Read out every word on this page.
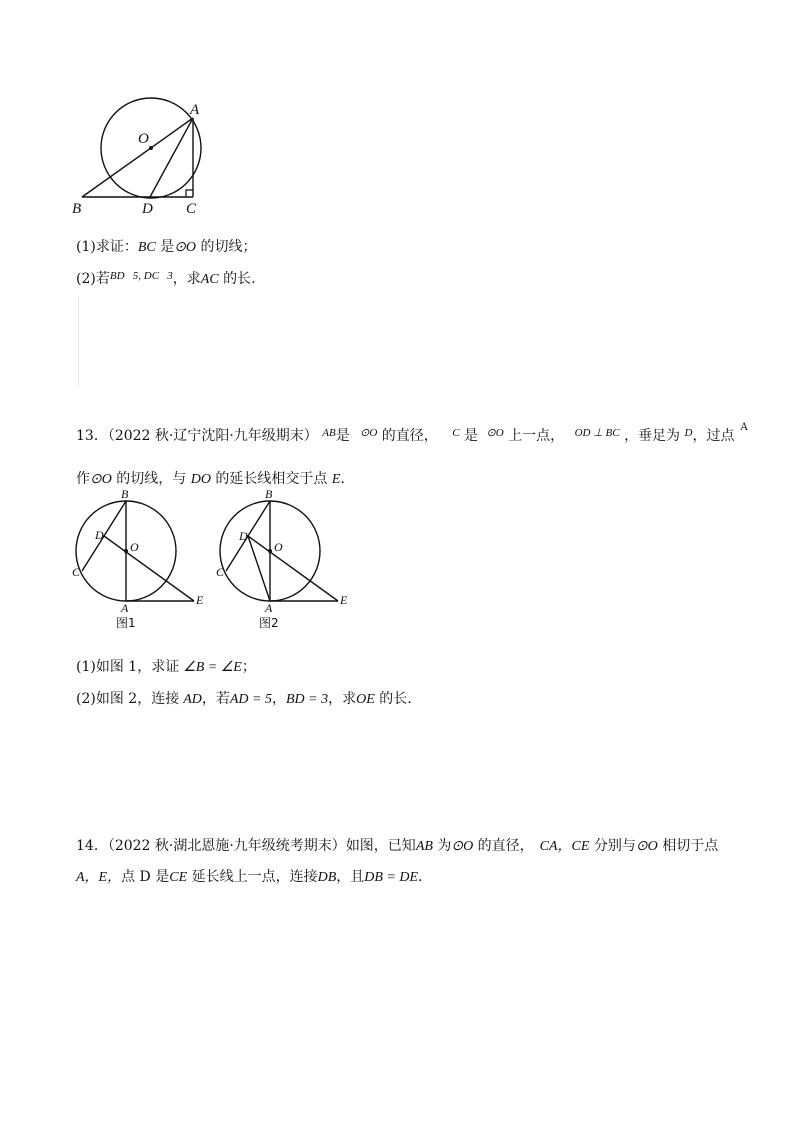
A
O
B	D C
(1)求证：BC 是⊙O 的切线；
(2)若$^{BD 5, DC 3}$，求AC 的长.
13．（2022 秋·辽宁沈阳·九年级期末） $^{AB}$是 $^{⊙O}$ 的直径， $^C$ 是 $^{⊙O}$ 上一点， $^{OD \perp BC}$ ，垂足为 $^D$，过点$^A$
作⊙O 的切线，与 DO 的延长线相交于点 E．
B
D
O
C
A
E
图1
B
D
O
C
A
E
图2
(1)如图 1，求证 ∠B = ∠E；
(2)如图 2，连接 AD，若AD = 5，BD = 3，求OE 的长.
14．（2022 秋·湖北恩施·九年级统考期末）如图，已知AB 为⊙O 的直径， CA，CE 分别与⊙O 相切于点
A，E，点 D 是CE 延长线上一点，连接DB，且DB = DE．
